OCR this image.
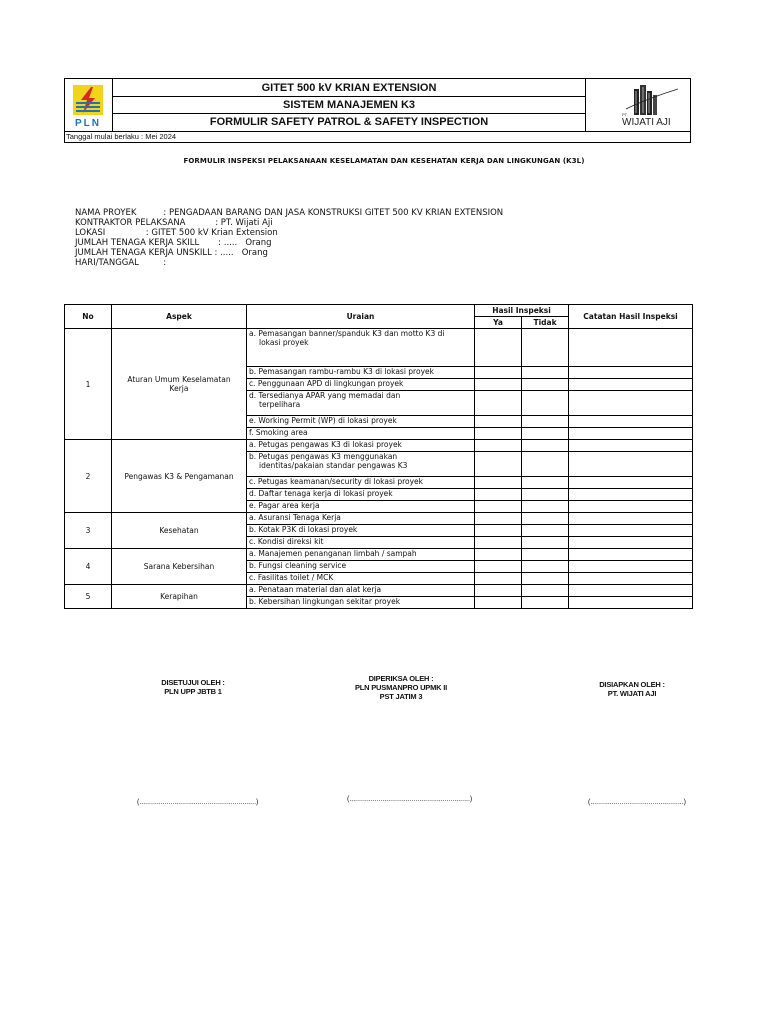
PLN
GITET 500 kV KRIAN EXTENSION
SISTEM MANAJEMEN K3
FORMULIR SAFETY PATROL & SAFETY INSPECTION
PT.
WIJATI AJI
Tanggal mulai berlaku : Mei 2024
FORMULIR INSPEKSI PELAKSANAAN KESELAMATAN DAN KESEHATAN KERJA DAN LINGKUNGAN (K3L)
NAMA PROYEK          : PENGADAAN BARANG DAN JASA KONSTRUKSI GITET 500 KV KRIAN EXTENSION
KONTRAKTOR PELAKSANA           : PT. Wijati Aji
LOKASI               : GITET 500 kV Krian Extension
JUMLAH TENAGA KERJA SKILL       : .....   Orang
JUMLAH TENAGA KERJA UNSKILL : .....   Orang
HARI/TANGGAL         :
No	Aspek	Uraian	Hasil Inspeksi		Catatan Hasil Inspeksi
			Ya	Tidak	
1	Aturan Umum Keselamatan Kerja	a. Pemasangan banner/spanduk K3 dan motto K3 di
lokasi proyek			

		b. Pemasangan rambu-rambu K3 di lokasi proyek			

		c. Penggunaan APD di lingkungan proyek			

		d. Tersedianya APAR yang memadai dan
terpelihara			

		e. Working Permit (WP) di lokasi proyek			

		f. Smoking area			

2	Pengawas K3 & Pengamanan	a. Petugas pengawas K3 di lokasi proyek			

		b. Petugas pengawas K3 menggunakan
identitas/pakaian standar pengawas K3			

		c. Petugas keamanan/security di lokasi proyek			

		d. Daftar tenaga kerja di lokasi proyek			

		e. Pagar area kerja			

3	Kesehatan	a. Asuransi Tenaga Kerja			

		b. Kotak P3K di lokasi proyek			

		c. Kondisi direksi kit			

4	Sarana Kebersihan	a. Manajemen penanganan limbah / sampah			

		b. Fungsi cleaning service			

		c. Fasilitas toilet / MCK			

5	Kerapihan	a. Penataan material dan alat kerja			

		b. Kebersihan lingkungan sekitar proyek			

DISETUJUI OLEH :
PLN UPP JBTB 1
DIPERIKSA OLEH :
PLN PUSMANPRO UPMK II
PST JATIM 3
DISIAPKAN OLEH :
PT. WIJATI AJI
(............................................................)	(..............................................................)	(................................................)
